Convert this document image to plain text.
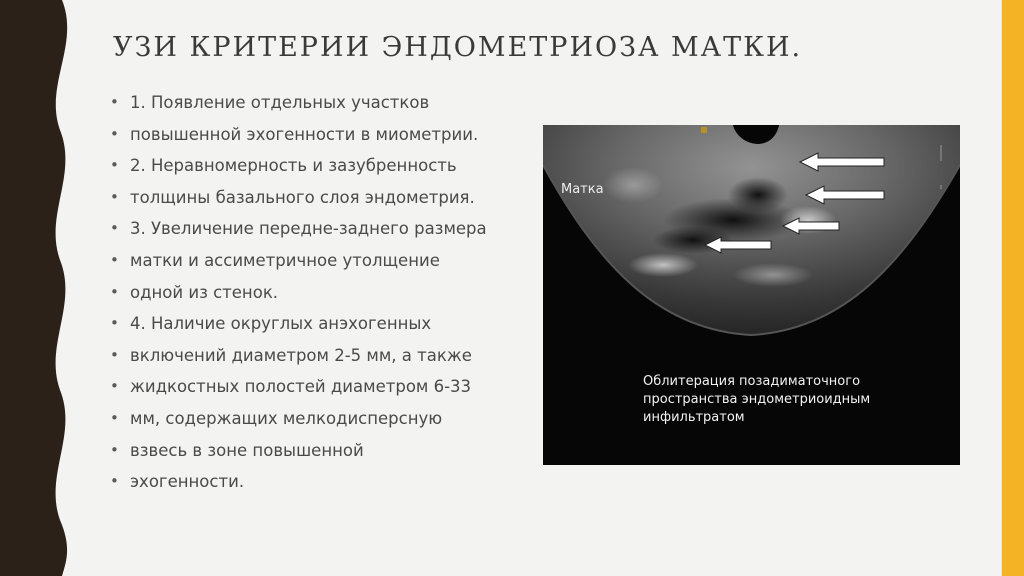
УЗИ КРИТЕРИИ ЭНДОМЕТРИОЗА МАТКИ.
• 1. Появление отдельных участков
• повышенной эхогенности в миометрии.
• 2. Неравномерность и зазубренность
• толщины базального слоя эндометрия.
• 3. Увеличение передне-заднего размера
• матки и ассиметричное утолщение
• одной из стенок.
• 4. Наличие округлых анэхогенных
• включений диаметром 2-5 мм, а также
• жидкостных полостей диаметром 6-33
• мм, содержащих мелкодисперсную
• взвесь в зоне повышенной
• эхогенности.
Матка
Облитерация позадиматочного
пространства эндометриоидным
инфильтратом
